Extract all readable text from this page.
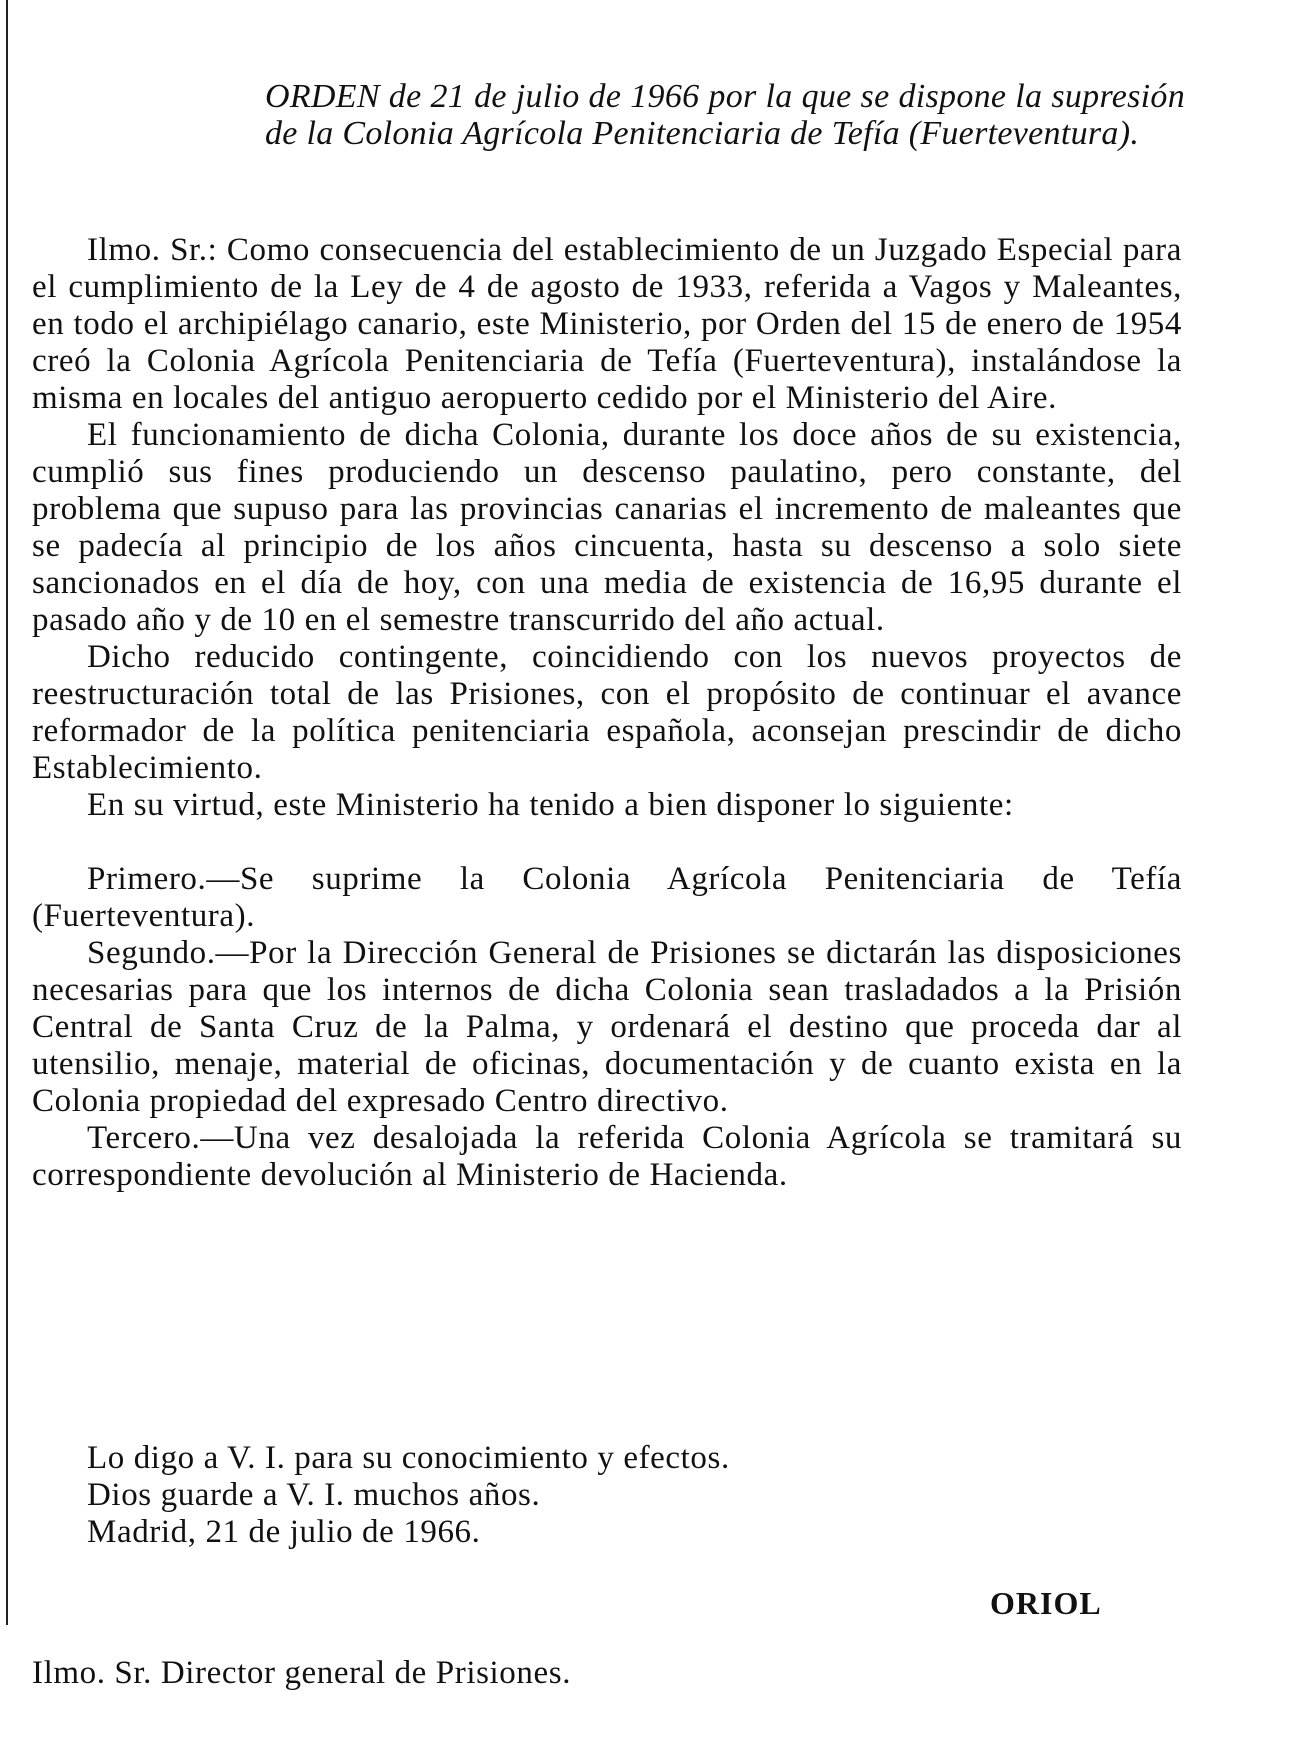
ORDEN de 21 de julio de 1966 por la que se dispone la supresión de la Colonia Agrícola Penitenciaria de Tefía (Fuerteventura).

Ilmo. Sr.: Como consecuencia del establecimiento de un Juzgado Especial para el cumplimiento de la Ley de 4 de agosto de 1933, referida a Vagos y Maleantes, en todo el archipiélago canario, este Ministerio, por Orden del 15 de enero de 1954 creó la Colonia Agrícola Penitenciaria de Tefía (Fuerteventura), instalándose la misma en locales del antiguo aeropuerto cedido por el Ministerio del Aire.

El funcionamiento de dicha Colonia, durante los doce años de su existencia, cumplió sus fines produciendo un descenso paulatino, pero constante, del problema que supuso para las provincias canarias el incremento de maleantes que se padecía al principio de los años cincuenta, hasta su descenso a solo siete sancionados en el día de hoy, con una media de existencia de 16,95 durante el pasado año y de 10 en el semestre transcurrido del año actual.

Dicho reducido contingente, coincidiendo con los nuevos proyectos de reestructuración total de las Prisiones, con el propósito de continuar el avance reformador de la política penitenciaria española, aconsejan prescindir de dicho Establecimiento.

En su virtud, este Ministerio ha tenido a bien disponer lo siguiente:

Primero.—Se suprime la Colonia Agrícola Penitenciaria de Tefía (Fuerteventura).

Segundo.—Por la Dirección General de Prisiones se dictarán las disposiciones necesarias para que los internos de dicha Colonia sean trasladados a la Prisión Central de Santa Cruz de la Palma, y ordenará el destino que proceda dar al utensilio, menaje, material de oficinas, documentación y de cuanto exista en la Colonia propiedad del expresado Centro directivo.

Tercero.—Una vez desalojada la referida Colonia Agrícola se tramitará su correspondiente devolución al Ministerio de Hacienda.

Lo digo a V. I. para su conocimiento y efectos.
Dios guarde a V. I. muchos años.
Madrid, 21 de julio de 1966.
ORIOL
Ilmo. Sr. Director general de Prisiones.
